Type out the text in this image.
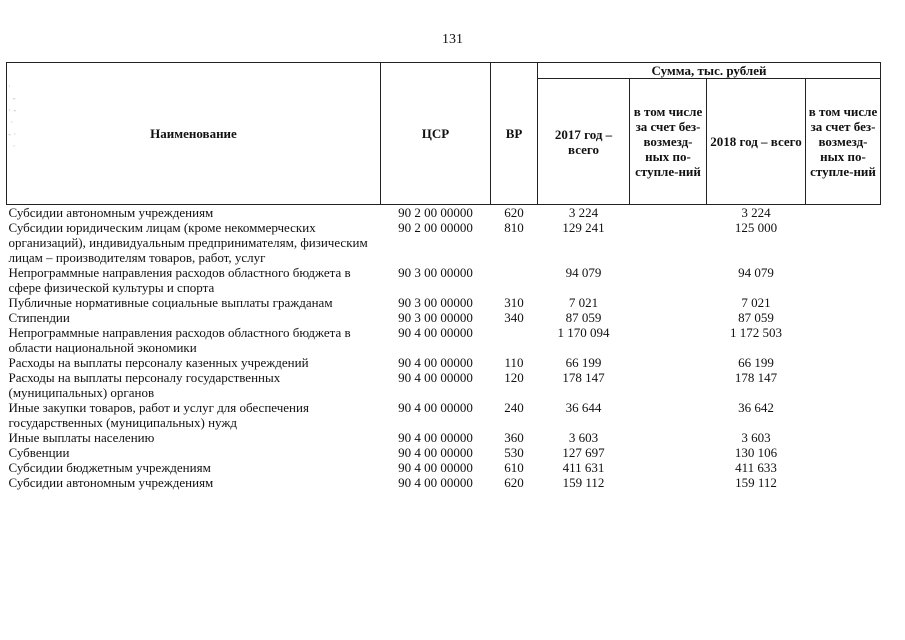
131
·
-
· -
·
- ·
·
Наименование	ЦСР	ВР	Сумма, тыс. рублей			
			2017 год – всего	в том числе за счет без-возмезд-ных по-ступле-ний	2018 год – всего	в том числе за счет без-возмезд-ных по-ступле-ний
Субсидии автономным учреждениям	90 2 00 00000	620	3 224		3 224	
Субсидии юридическим лицам (кроме некоммерческих организаций), индивидуальным предпринимателям, физическим лицам – производителям товаров, работ, услуг	90 2 00 00000	810	129 241		125 000	
Непрограммные направления расходов областного бюджета в сфере физической культуры и спорта	90 3 00 00000		94 079		94 079	
Публичные нормативные социальные выплаты гражданам	90 3 00 00000	310	7 021		7 021	
Стипендии	90 3 00 00000	340	87 059		87 059	
Непрограммные направления расходов областного бюджета в области национальной экономики	90 4 00 00000		1 170 094		1 172 503	
Расходы на выплаты персоналу казенных учреждений	90 4 00 00000	110	66 199		66 199	
Расходы на выплаты персоналу государственных (муниципальных) органов	90 4 00 00000	120	178 147		178 147	
Иные закупки товаров, работ и услуг для обеспечения государственных (муниципальных) нужд	90 4 00 00000	240	36 644		36 642	
Иные выплаты населению	90 4 00 00000	360	3 603		3 603	
Субвенции	90 4 00 00000	530	127 697		130 106	
Субсидии бюджетным учреждениям	90 4 00 00000	610	411 631		411 633	
Субсидии автономным учреждениям	90 4 00 00000	620	159 112		159 112	
